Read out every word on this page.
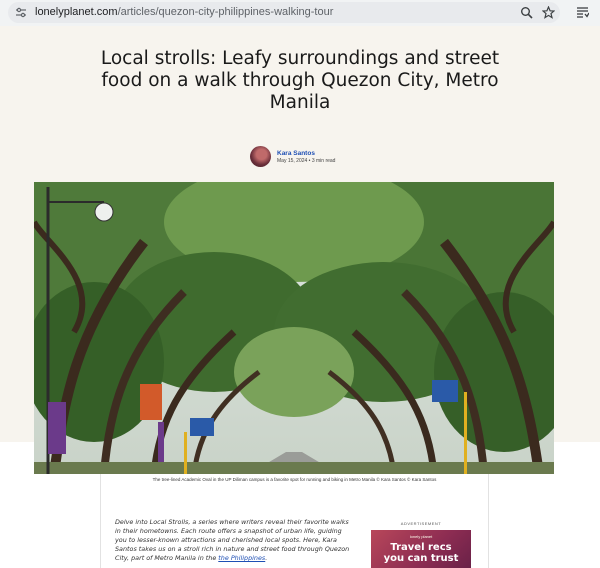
lonelyplanet.com/articles/quezon-city-philippines-walking-tour
Local strolls: Leafy surroundings and street food on a walk through Quezon City, Metro Manila
Kara Santos
May 15, 2024 • 3 min read
The tree-lined Academic Oval in the UP Diliman campus is a favorite spot for running and biking in Metro Manila © Kara Santos © Kara Santos

Delve into Local Strolls, a series where writers reveal their favorite walks in their hometowns. Each route offers a snapshot of urban life, guiding you to lesser-known attractions and cherished local spots. Here, Kara Santos takes us on a stroll rich in nature and street food through Quezon City, part of Metro Manila in the the Philippines.

ADVERTISEMENT
lonely planet
Travel recs
you can trust
